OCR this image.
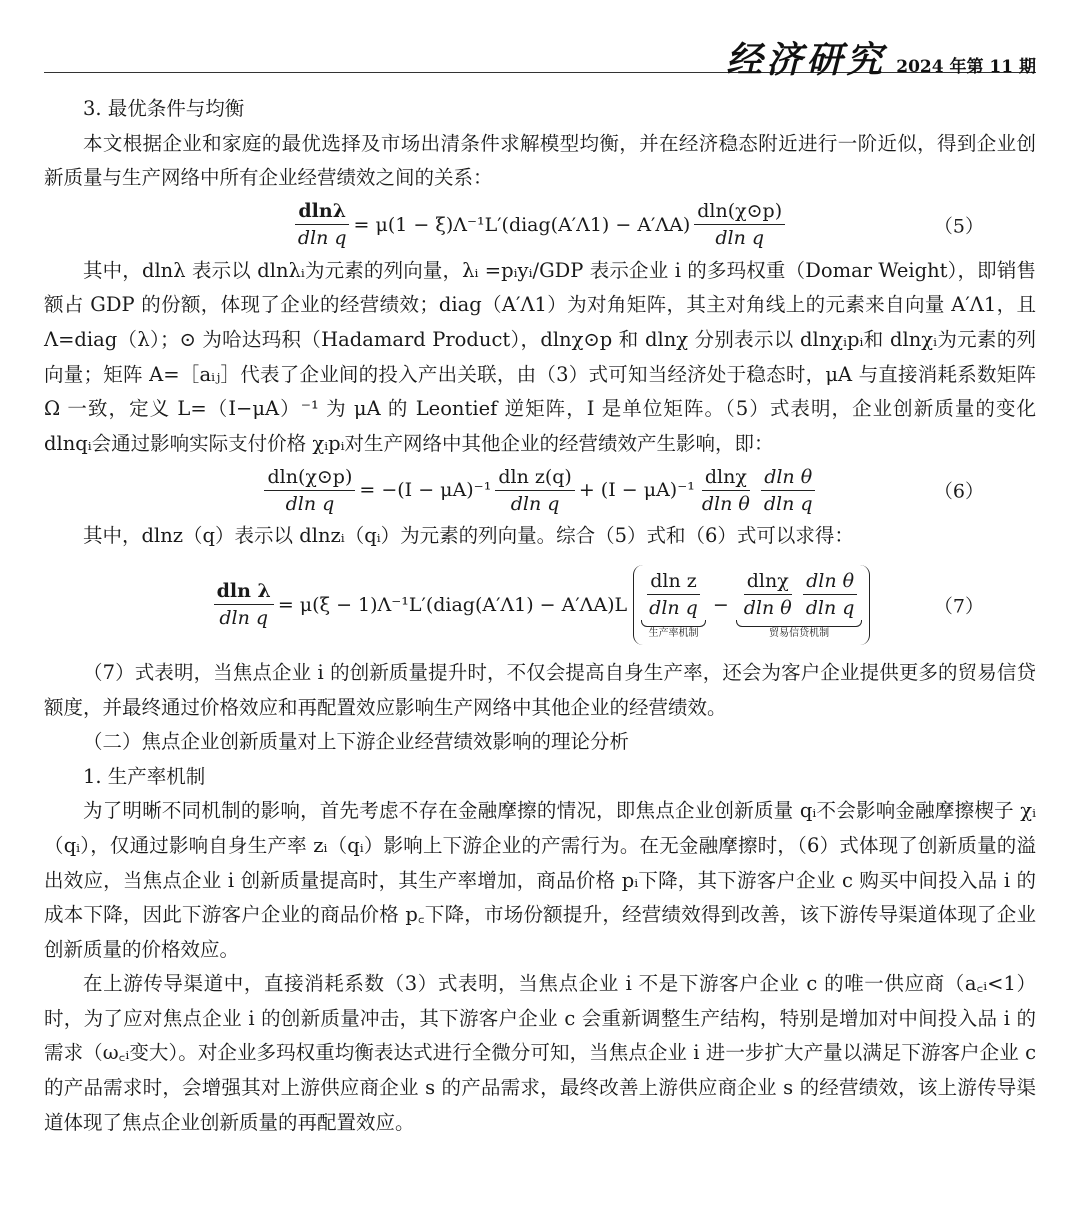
经济研究 2024 年第 11 期
3. 最优条件与均衡

本文根据企业和家庭的最优选择及市场出清条件求解模型均衡，并在经济稳态附近进行一阶近似，得到企业创新质量与生产网络中所有企业经营绩效之间的关系：

$\frac{dln\lambda}{\text{dln q}} = \mu(1$ − ξ)Λ⁻¹L′(diag(A′Λ1) − $A'\Lambda A) \frac{dln(\chi⊙p)}{\text{dln q}}$	（5）

其中，dlnλ 表示以 dlnλᵢ为元素的列向量，λᵢ =pᵢyᵢ/GDP 表示企业 i 的多玛权重（Domar Weight），即销售额占 GDP 的份额，体现了企业的经营绩效；diag（A′Λ1）为对角矩阵，其主对角线上的元素来自向量 A′Λ1，且 Λ=diag（λ）；⊙ 为哈达玛积（Hadamard Product），dlnχ⊙p 和 dlnχ 分别表示以 dlnχᵢpᵢ和 dlnχᵢ为元素的列向量；矩阵 A=［aᵢⱼ］代表了企业间的投入产出关联，由（3）式可知当经济处于稳态时，μA 与直接消耗系数矩阵 Ω 一致，定义 L=（I−μA）⁻¹ 为 μA 的 Leontief 逆矩阵，I 是单位矩阵。（5）式表明，企业创新质量的变化 dlnqᵢ会通过影响实际支付价格 χᵢpᵢ对生产网络中其他企业的经营绩效产生影响，即：

$\frac{dln(\chi⊙p)}{\text{dln q}} = -(I - \mu A)^{-1} \frac{\text{dln z(q)}}{\text{dln q}} + (I - \mu A)^{-1} \frac{dln\chi}{\text{dln θ}} \frac{\text{dln θ}}{\text{dln q}}$	（6）

其中，dlnz（q）表示以 dlnzᵢ（qᵢ）为元素的列向量。综合（5）式和（6）式可以求得：

$\frac{\text{dln λ}}{\text{dln q}} = \mu(\xi$ − 1)Λ⁻¹L′(diag(A′Λ1) − $A'\Lambda A)L \frac{\text{dln z}}{\text{dln q}}$
生产率机制
− $\frac{dln\chi}{\text{dln θ}} \frac{\text{dln θ}}{\text{dln q}}$
贸易信贷机制
（7）

（7）式表明，当焦点企业 i 的创新质量提升时，不仅会提高自身生产率，还会为客户企业提供更多的贸易信贷额度，并最终通过价格效应和再配置效应影响生产网络中其他企业的经营绩效。

（二）焦点企业创新质量对上下游企业经营绩效影响的理论分析
1. 生产率机制

为了明晰不同机制的影响，首先考虑不存在金融摩擦的情况，即焦点企业创新质量 qᵢ不会影响金融摩擦楔子 χᵢ（qᵢ），仅通过影响自身生产率 zᵢ（qᵢ）影响上下游企业的产需行为。在无金融摩擦时，（6）式体现了创新质量的溢出效应，当焦点企业 i 创新质量提高时，其生产率增加，商品价格 pᵢ下降，其下游客户企业 c 购买中间投入品 i 的成本下降，因此下游客户企业的商品价格 p꜀下降，市场份额提升，经营绩效得到改善，该下游传导渠道体现了企业创新质量的价格效应。

在上游传导渠道中，直接消耗系数（3）式表明，当焦点企业 i 不是下游客户企业 c 的唯一供应商（a꜀ᵢ<1）时，为了应对焦点企业 i 的创新质量冲击，其下游客户企业 c 会重新调整生产结构，特别是增加对中间投入品 i 的需求（ω꜀ᵢ变大）。对企业多玛权重均衡表达式进行全微分可知，当焦点企业 i 进一步扩大产量以满足下游客户企业 c 的产品需求时，会增强其对上游供应商企业 s 的产品需求，最终改善上游供应商企业 s 的经营绩效，该上游传导渠道体现了焦点企业创新质量的再配置效应。
